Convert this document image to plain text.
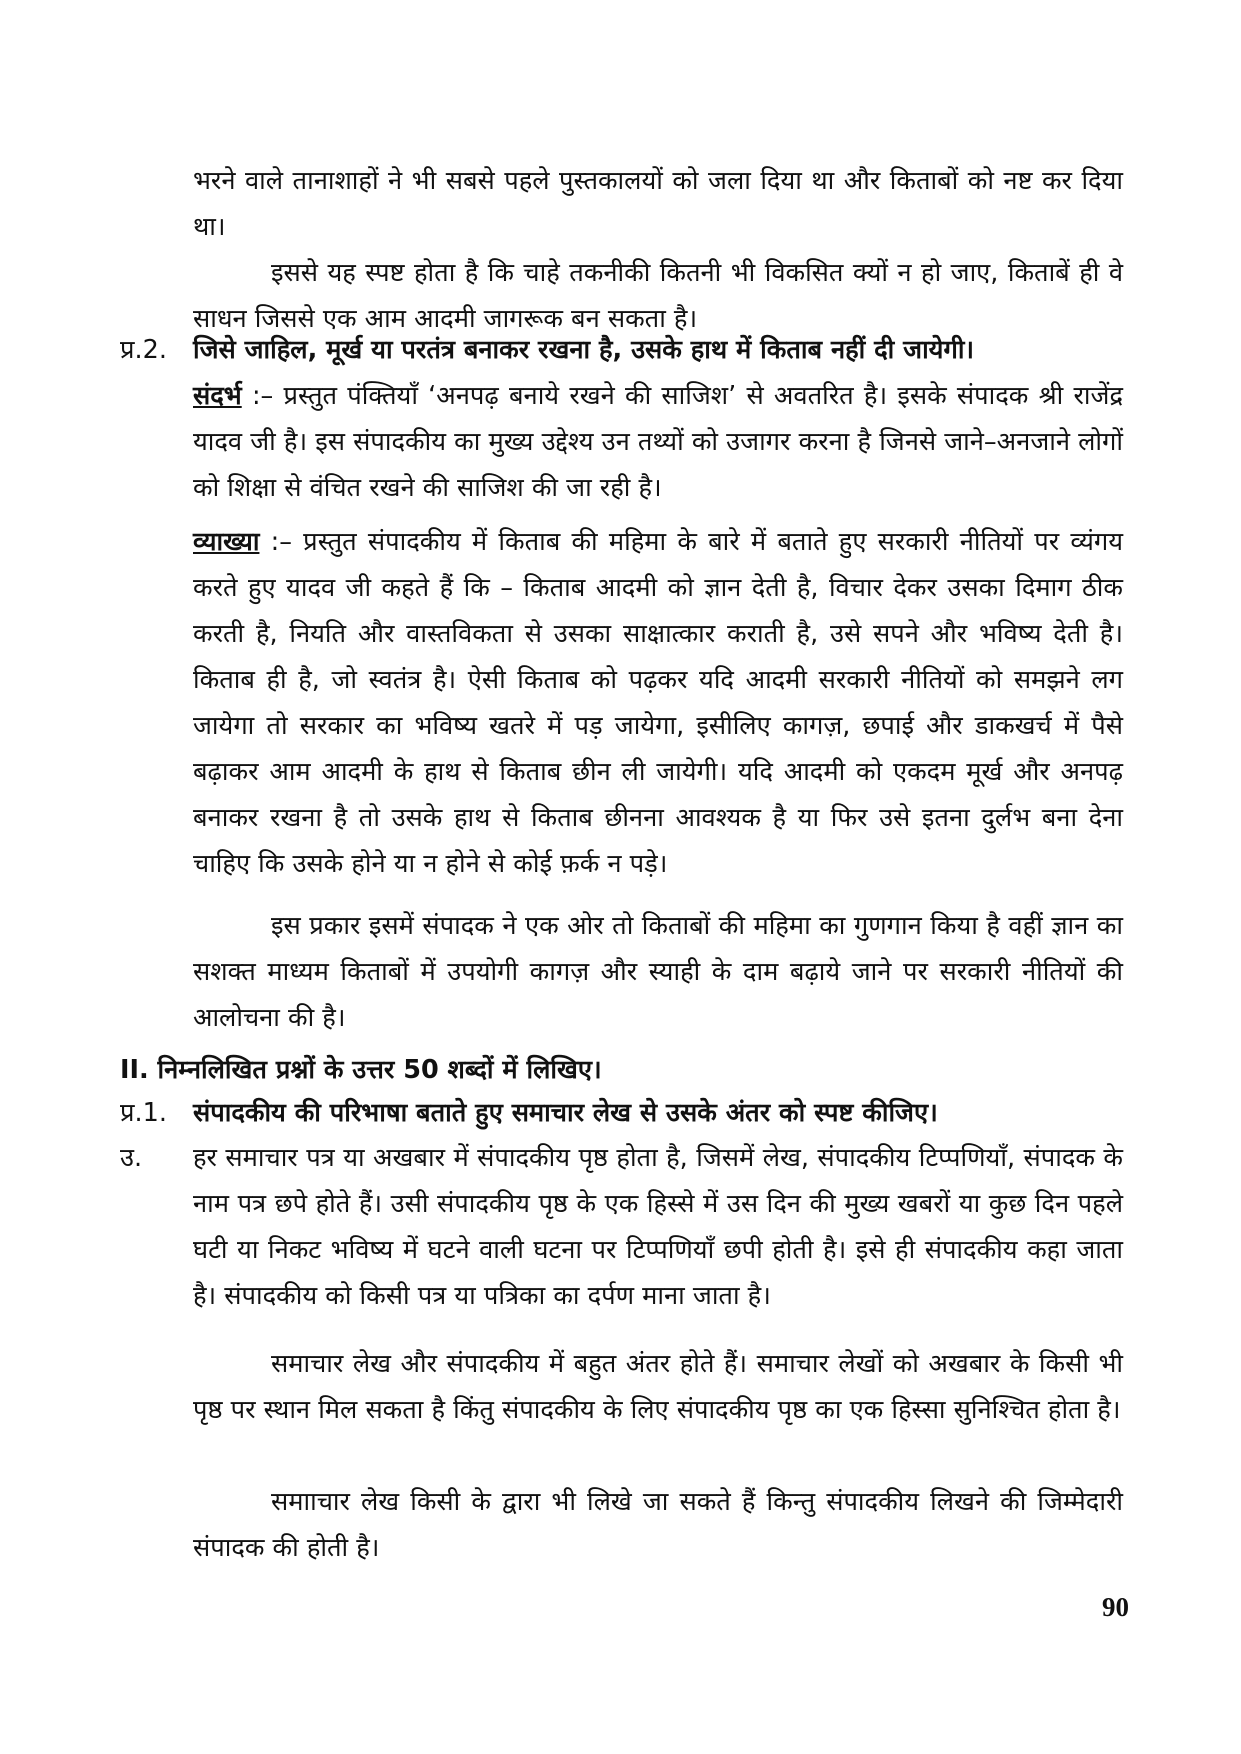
भरने वाले तानाशाहों ने भी सबसे पहले पुस्तकालयों को जला दिया था और किताबों को नष्ट कर दिया था।

इससे यह स्पष्ट होता है कि चाहे तकनीकी कितनी भी विकसित क्यों न हो जाए, किताबें ही वे साधन जिससे एक आम आदमी जागरूक बन सकता है।

प्र.2.	जिसे जाहिल, मूर्ख या परतंत्र बनाकर रखना है, उसके हाथ में किताब नहीं दी जायेगी।

संदर्भ :– प्रस्तुत पंक्तियाँ ‘अनपढ़ बनाये रखने की साजिश’ से अवतरित है। इसके संपादक श्री राजेंद्र यादव जी है। इस संपादकीय का मुख्य उद्देश्य उन तथ्यों को उजागर करना है जिनसे जाने–अनजाने लोगों को शिक्षा से वंचित रखने की साजिश की जा रही है।

व्याख्या :– प्रस्तुत संपादकीय में किताब की महिमा के बारे में बताते हुए सरकारी नीतियों पर व्यंगय करते हुए यादव जी कहते हैं कि – किताब आदमी को ज्ञान देती है, विचार देकर उसका दिमाग ठीक करती है, नियति और वास्तविकता से उसका साक्षात्कार कराती है, उसे सपने और भविष्य देती है। किताब ही है, जो स्वतंत्र है। ऐसी किताब को पढ़कर यदि आदमी सरकारी नीतियों को समझने लग जायेगा तो सरकार का भविष्य खतरे में पड़ जायेगा, इसीलिए कागज़, छपाई और डाकखर्च में पैसे बढ़ाकर आम आदमी के हाथ से किताब छीन ली जायेगी। यदि आदमी को एकदम मूर्ख और अनपढ़ बनाकर रखना है तो उसके हाथ से किताब छीनना आवश्यक है या फिर उसे इतना दुर्लभ बना देना चाहिए कि उसके होने या न होने से कोई फ़र्क न पड़े।

इस प्रकार इसमें संपादक ने एक ओर तो किताबों की महिमा का गुणगान किया है वहीं ज्ञान का सशक्त माध्यम किताबों में उपयोगी कागज़ और स्याही के दाम बढ़ाये जाने पर सरकारी नीतियों की आलोचना की है।

II. निम्नलिखित प्रश्नों के उत्तर 50 शब्दों में लिखिए।
प्र.1.	संपादकीय की परिभाषा बताते हुए समाचार लेख से उसके अंतर को स्पष्ट कीजिए।
उ.	हर समाचार पत्र या अखबार में संपादकीय पृष्ठ होता है, जिसमें लेख, संपादकीय टिप्पणियाँ, संपादक के नाम पत्र छपे होते हैं। उसी संपादकीय पृष्ठ के एक हिस्से में उस दिन की मुख्य खबरों या कुछ दिन पहले घटी या निकट भविष्य में घटने वाली घटना पर टिप्पणियाँ छपी होती है। इसे ही संपादकीय कहा जाता है। संपादकीय को किसी पत्र या पत्रिका का दर्पण माना जाता है।

समाचार लेख और संपादकीय में बहुत अंतर होते हैं। समाचार लेखों को अखबार के किसी भी पृष्ठ पर स्थान मिल सकता है किंतु संपादकीय के लिए संपादकीय पृष्ठ का एक हिस्सा सुनिश्चित होता है।

समााचार लेख किसी के द्वारा भी लिखे जा सकते हैं किन्तु संपादकीय लिखने की जिम्मेदारी संपादक की होती है।

90
